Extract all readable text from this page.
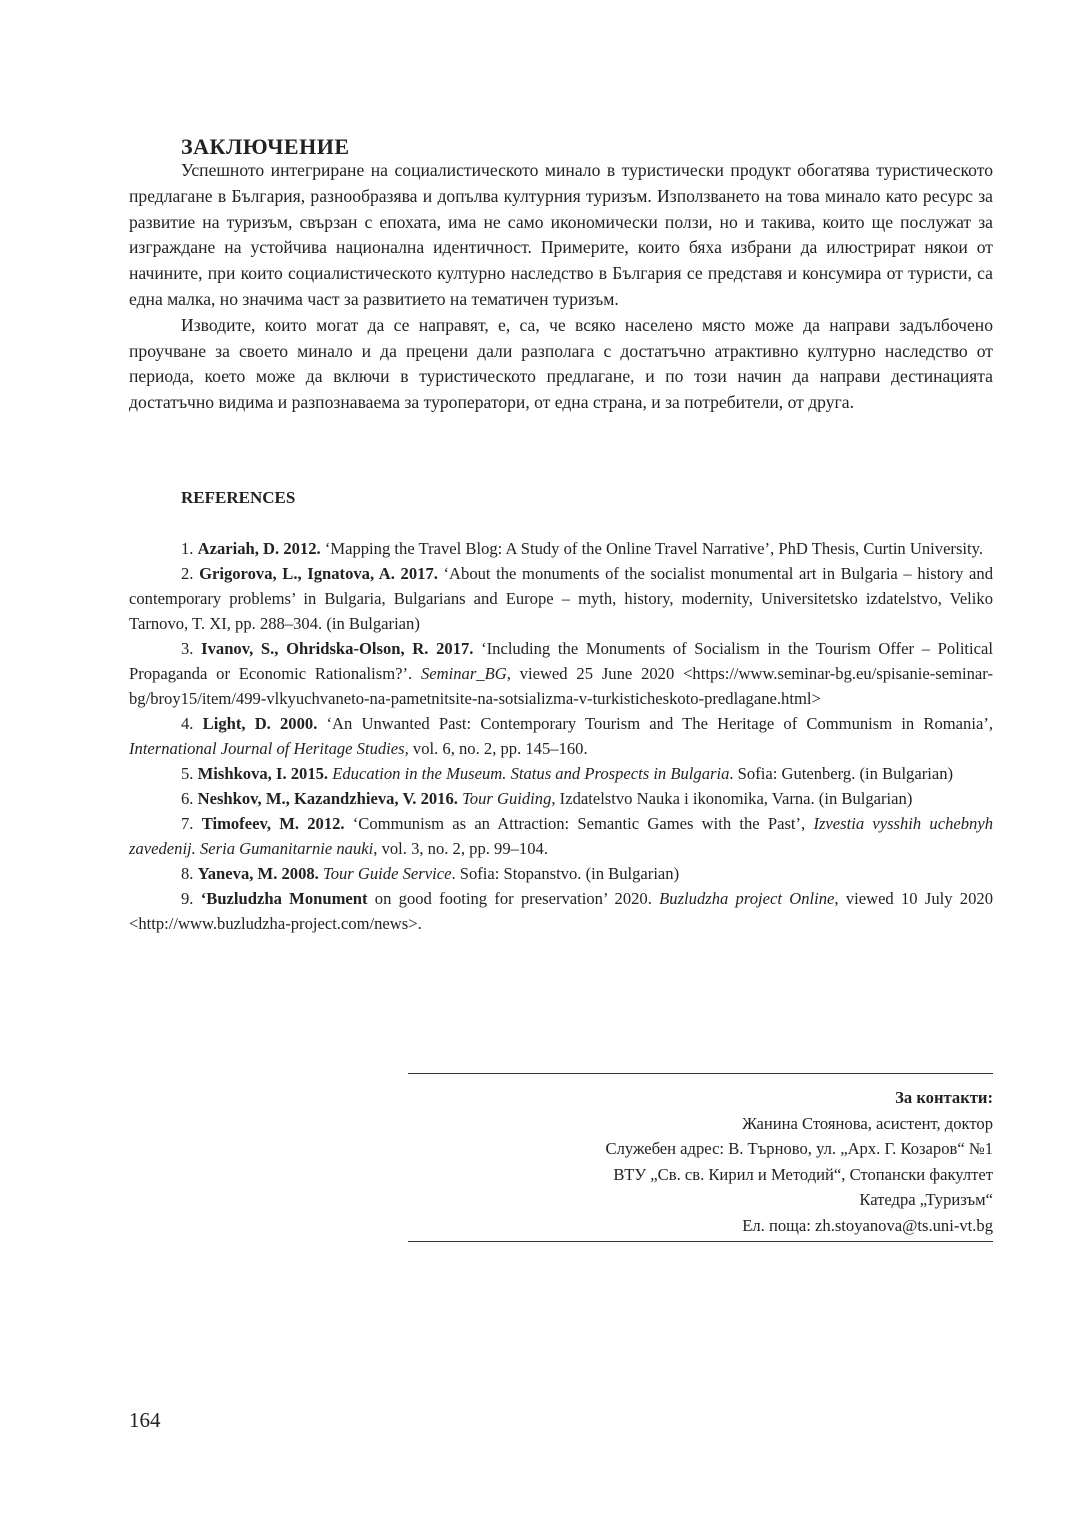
ЗАКЛЮЧЕНИЕ

Успешното интегриране на социалистическото минало в туристически продукт обогатява туристическото предлагане в България, разнообразява и допълва културния туризъм. Използването на това минало като ресурс за развитие на туризъм, свързан с епохата, има не само икономически ползи, но и такива, които ще послужат за изграждане на устойчива национална идентичност. Примерите, които бяха избрани да илюстрират някои от начините, при които социалистическото културно наследство в България се представя и консумира от туристи, са една малка, но значима част за развитието на тематичен туризъм.

Изводите, които могат да се направят, е, са, че всяко населено място може да направи задълбочено проучване за своето минало и да прецени дали разполага с достатъчно атрактивно културно наследство от периода, което може да включи в туристическото предлагане, и по този начин да направи дестинацията достатъчно видима и разпознаваема за туроператори, от една страна, и за потребители, от друга.

REFERENCES

1. Azariah, D. 2012. ‘Mapping the Travel Blog: A Study of the Online Travel Narrative’, PhD Thesis, Curtin University.

2. Grigorova, L., Ignatova, A. 2017. ‘About the monuments of the socialist monumental art in Bulgaria – history and contemporary problems’ in Bulgaria, Bulgarians and Europe – myth, history, modernity, Universitetsko izdatelstvo, Veliko Tarnovo, T. XI, pp. 288–304. (in Bulgarian)

3. Ivanov, S., Ohridska-Olson, R. 2017. ‘Including the Monuments of Socialism in the Tourism Offer – Political Propaganda or Economic Rationalism?’. Seminar_BG, viewed 25 June 2020 <https://www.seminar-bg.eu/spisanie-seminar-bg/broy15/item/499-vlkyuchvaneto-na-pametnitsite-na-sotsializma-v-turkisticheskoto-predlagane.html>

4. Light, D. 2000. ‘An Unwanted Past: Contemporary Tourism and The Heritage of Communism in Romania’, International Journal of Heritage Studies, vol. 6, no. 2, pp. 145–160.

5. Mishkova, I. 2015. Education in the Museum. Status and Prospects in Bulgaria. Sofia: Gutenberg. (in Bulgarian)

6. Neshkov, M., Kazandzhieva, V. 2016. Tour Guiding, Izdatelstvo Nauka i ikonomika, Varna. (in Bulgarian)

7. Timofeev, M. 2012. ‘Communism as an Attraction: Semantic Games with the Past’, Izvestia vysshih uchebnyh zavedenij. Seria Gumanitarnie nauki, vol. 3, no. 2, pp. 99–104.

8. Yaneva, M. 2008. Tour Guide Service. Sofia: Stopanstvo. (in Bulgarian)

9. ‘Buzludzha Monument on good footing for preservation’ 2020. Buzludzha project Online, viewed 10 July 2020 <http://www.buzludzha-project.com/news>.

За контакти:
Жанина Стоянова, асистент, доктор
Служебен адрес: В. Търново, ул. „Арх. Г. Козаров“ №1
ВТУ „Св. св. Кирил и Методий“, Стопански факултет
Катедра „Туризъм“
Ел. поща: zh.stoyanova@ts.uni-vt.bg
164
